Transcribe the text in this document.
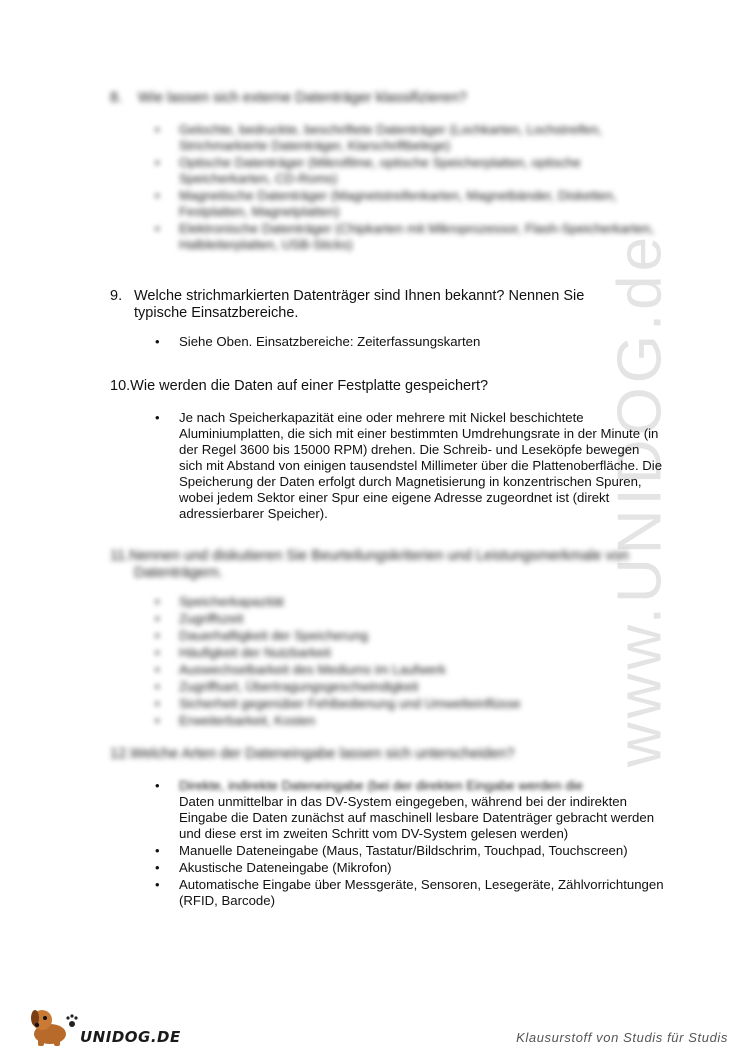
www.UNIDOG.de
8. Wie lassen sich externe Datenträger klassifizieren?
• Gelochte, bedruckte, beschriftete Datenträger (Lochkarten, Lochstreifen, Strichmarkierte Datenträger, Klarschriftbelege)
• Optische Datenträger (Mikrofilme, optische Speicherplatten, optische Speicherkarten, CD-Roms)
• Magnetische Datenträger (Magnetstreifenkarten, Magnetbänder, Disketten, Festplatten, Magnetplatten)
• Elektronische Datenträger (Chipkarten mit Mikroprozessor, Flash-Speicherkarten, Halbleiterplatten, USB-Sticks)
9. Welche strichmarkierten Datenträger sind Ihnen bekannt? Nennen Sie
typische Einsatzbereiche.
• Siehe Oben. Einsatzbereiche: Zeiterfassungskarten
10.Wie werden die Daten auf einer Festplatte gespeichert?
• Je nach Speicherkapazität eine oder mehrere mit Nickel beschichtete Aluminiumplatten, die sich mit einer bestimmten Umdrehungsrate in der Minute (in der Regel 3600 bis 15000 RPM) drehen. Die Schreib- und Leseköpfe bewegen sich mit Abstand von einigen tausendstel Millimeter über die Plattenoberfläche. Die Speicherung der Daten erfolgt durch Magnetisierung in konzentrischen Spuren, wobei jedem Sektor einer Spur eine eigene Adresse zugeordnet ist (direkt adressierbarer Speicher).
11.Nennen und diskutieren Sie Beurteilungskriterien und Leistungsmerkmale von Datenträgern.
• Speicherkapazität
• Zugriffszeit
• Dauerhaftigkeit der Speicherung
• Häufigkeit der Nutzbarkeit
• Auswechselbarkeit des Mediums im Laufwerk
• Zugriffsart, Übertragungsgeschwindigkeit
• Sicherheit gegenüber Fehlbedienung und Umwelteinflüsse
• Erweiterbarkeit, Kosten
12.Welche Arten der Dateneingabe lassen sich unterscheiden?
• Direkte, indirekte Dateneingabe (bei der direkten Eingabe werden die
Daten unmittelbar in das DV-System eingegeben, während bei der indirekten Eingabe die Daten zunächst auf maschinell lesbare Datenträger gebracht werden und diese erst im zweiten Schritt vom DV-System gelesen werden)
• Manuelle Dateneingabe (Maus, Tastatur/Bildschrim, Touchpad, Touchscreen)
• Akustische Dateneingabe (Mikrofon)
• Automatische Eingabe über Messgeräte, Sensoren, Lesegeräte, Zählvorrichtungen (RFID, Barcode)
UNIDOG.DE	Klausurstoff von Studis für Studis
